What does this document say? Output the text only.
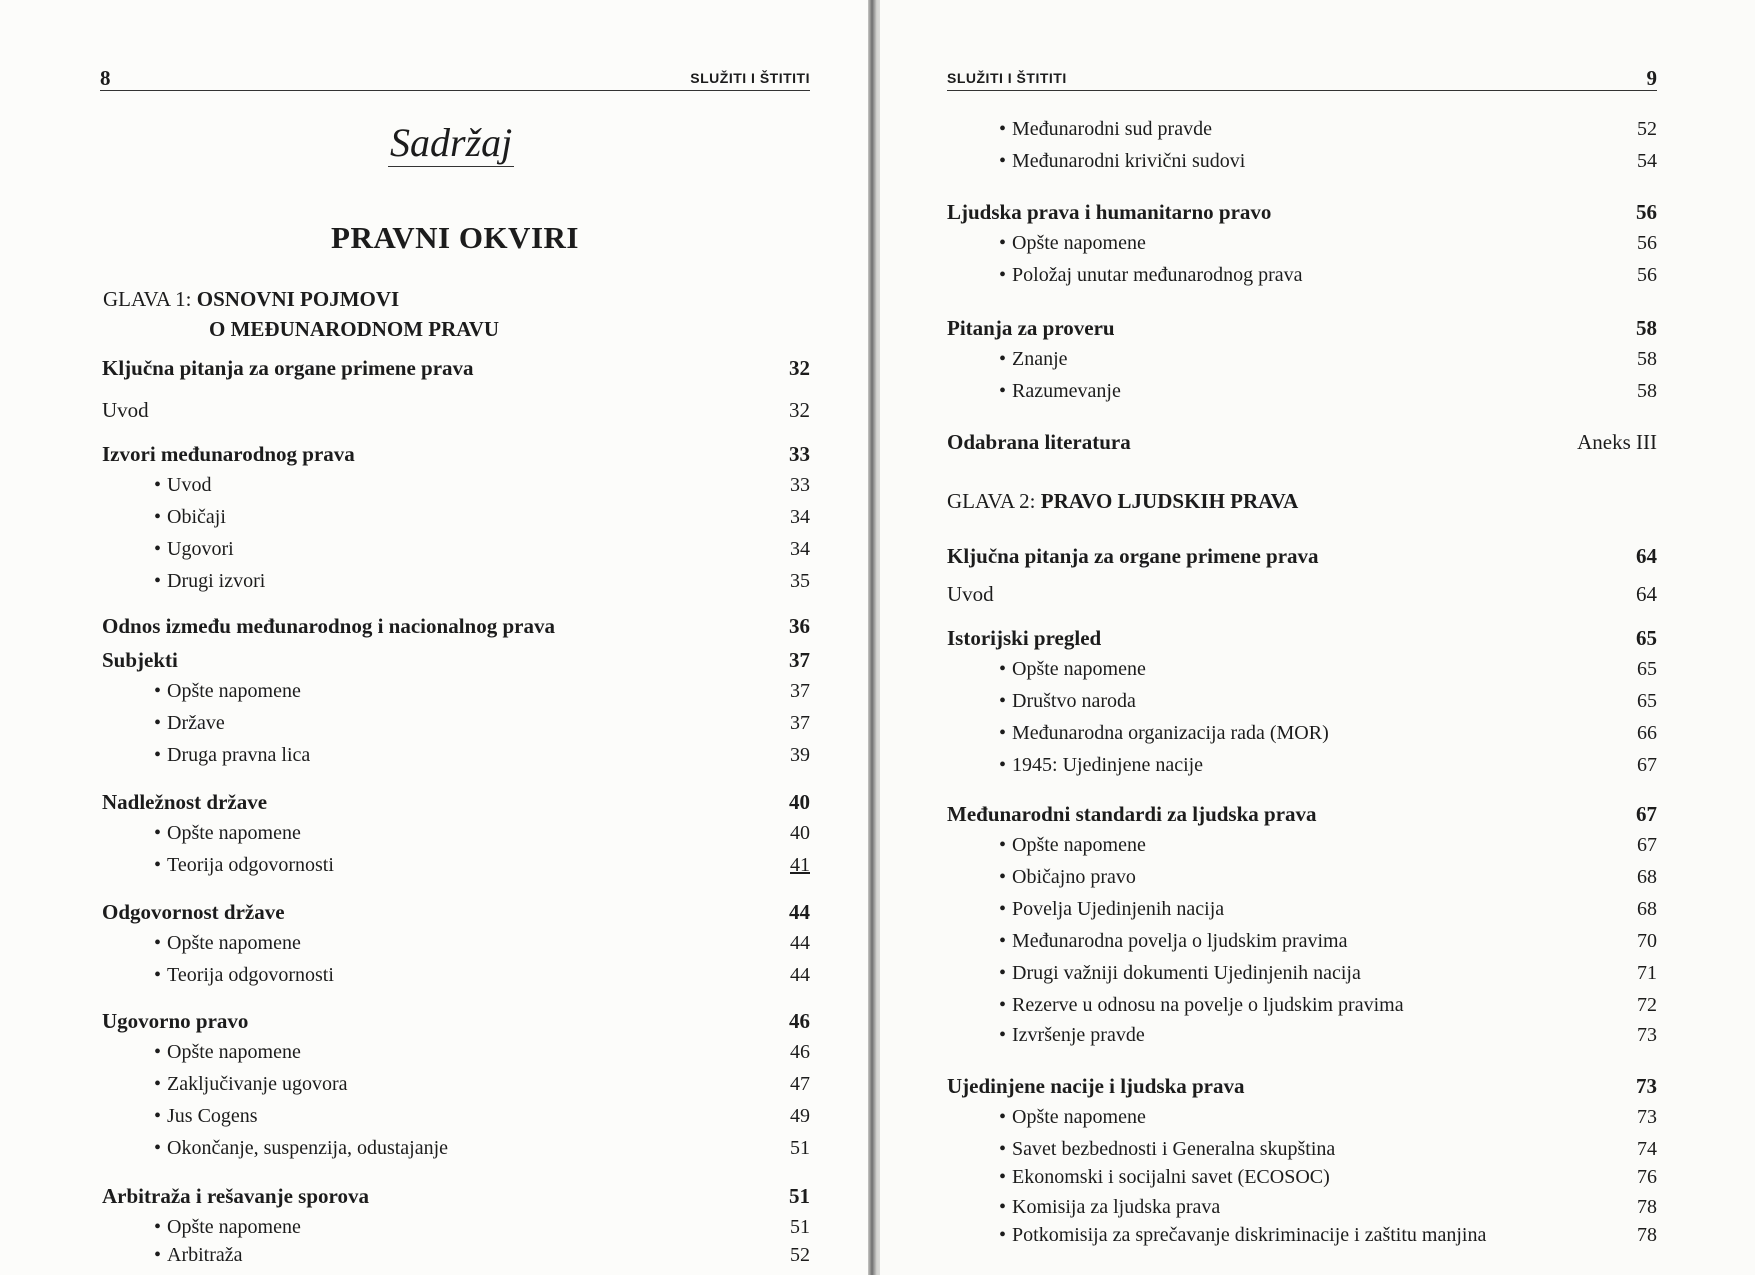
8	SLUŽITI I ŠTITITI
Sadržaj
PRAVNI OKVIRI
GLAVA 1: OSNOVNI POJMOVI
O MEĐUNARODNOM PRAVU
Ključna pitanja za organe primene prava	32
Uvod	32
Izvori međunarodnog prava	33
• Uvod	33
• Običaji	34
• Ugovori	34
• Drugi izvori	35
Odnos između međunarodnog i nacionalnog prava	36
Subjekti	37
• Opšte napomene	37
• Države	37
• Druga pravna lica	39
Nadležnost države	40
• Opšte napomene	40
• Teorija odgovornosti	41
Odgovornost države	44
• Opšte napomene	44
• Teorija odgovornosti	44
Ugovorno pravo	46
• Opšte napomene	46
• Zaključivanje ugovora	47
• Jus Cogens	49
• Okončanje, suspenzija, odustajanje	51
Arbitraža i rešavanje sporova	51
• Opšte napomene	51
• Arbitraža	52
SLUŽITI I ŠTITITI	9
• Međunarodni sud pravde	52
• Međunarodni krivični sudovi	54
Ljudska prava i humanitarno pravo	56
• Opšte napomene	56
• Položaj unutar međunarodnog prava	56
Pitanja za proveru	58
• Znanje	58
• Razumevanje	58
Odabrana literatura	Aneks III
GLAVA 2: PRAVO LJUDSKIH PRAVA
Ključna pitanja za organe primene prava	64
Uvod	64
Istorijski pregled	65
• Opšte napomene	65
• Društvo naroda	65
• Međunarodna organizacija rada (MOR)	66
• 1945: Ujedinjene nacije	67
Međunarodni standardi za ljudska prava	67
• Opšte napomene	67
• Običajno pravo	68
• Povelja Ujedinjenih nacija	68
• Međunarodna povelja o ljudskim pravima	70
• Drugi važniji dokumenti Ujedinjenih nacija	71
• Rezerve u odnosu na povelje o ljudskim pravima	72
• Izvršenje pravde	73
Ujedinjene nacije i ljudska prava	73
• Opšte napomene	73
• Savet bezbednosti i Generalna skupština	74
• Ekonomski i socijalni savet (ECOSOC)	76
• Komisija za ljudska prava	78
• Potkomisija za sprečavanje diskriminacije i zaštitu manjina	78
